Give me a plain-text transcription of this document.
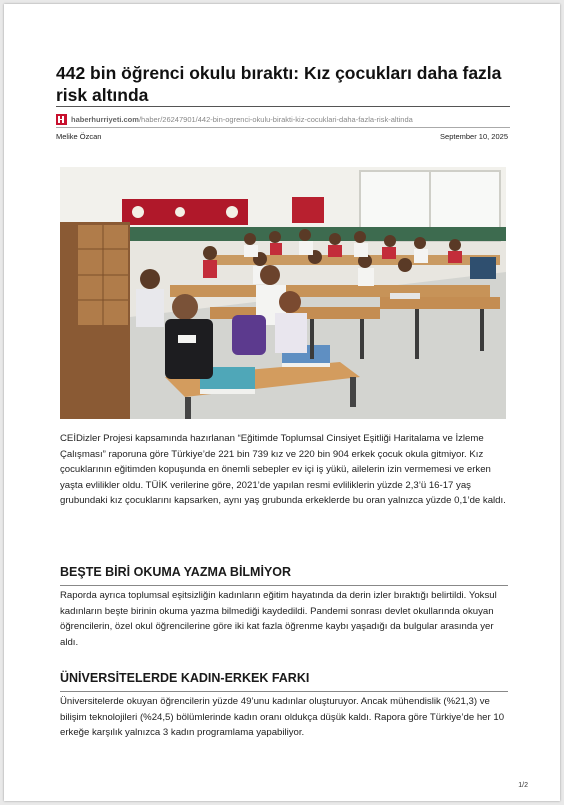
442 bin öğrenci okulu bıraktı: Kız çocukları daha fazla risk altında
haberhurriyeti.com/haber/26247901/442-bin-ogrenci-okulu-birakti-kiz-cocuklari-daha-fazla-risk-altinda
Melike Özcan	September 10, 2025

CEİDizler Projesi kapsamında hazırlanan “Eğitimde Toplumsal Cinsiyet Eşitliği Haritalama ve İzleme Çalışması” raporuna göre Türkiye’de 221 bin 739 kız ve 220 bin 904 erkek çocuk okula gitmiyor. Kız çocuklarının eğitimden kopuşunda en önemli sebepler ev içi iş yükü, ailelerin izin vermemesi ve erken yaşta evlilikler oldu. TÜİK verilerine göre, 2021’de yapılan resmi evliliklerin yüzde 2,3’ü 16-17 yaş grubundaki kız çocuklarını kapsarken, aynı yaş grubunda erkeklerde bu oran yalnızca yüzde 0,1’de kaldı.

BEŞTE BİRİ OKUMA YAZMA BİLMİYOR

Raporda ayrıca toplumsal eşitsizliğin kadınların eğitim hayatında da derin izler bıraktığı belirtildi. Yoksul kadınların beşte birinin okuma yazma bilmediği kaydedildi. Pandemi sonrası devlet okullarında okuyan öğrencilerin, özel okul öğrencilerine göre iki kat fazla öğrenme kaybı yaşadığı da bulgular arasında yer aldı.

ÜNİVERSİTELERDE KADIN-ERKEK FARKI

Üniversitelerde okuyan öğrencilerin yüzde 49’unu kadınlar oluşturuyor. Ancak mühendislik (%21,3) ve bilişim teknolojileri (%24,5) bölümlerinde kadın oranı oldukça düşük kaldı. Rapora göre Türkiye’de her 10 erkeğe karşılık yalnızca 3 kadın programlama yapabiliyor.

1/2
